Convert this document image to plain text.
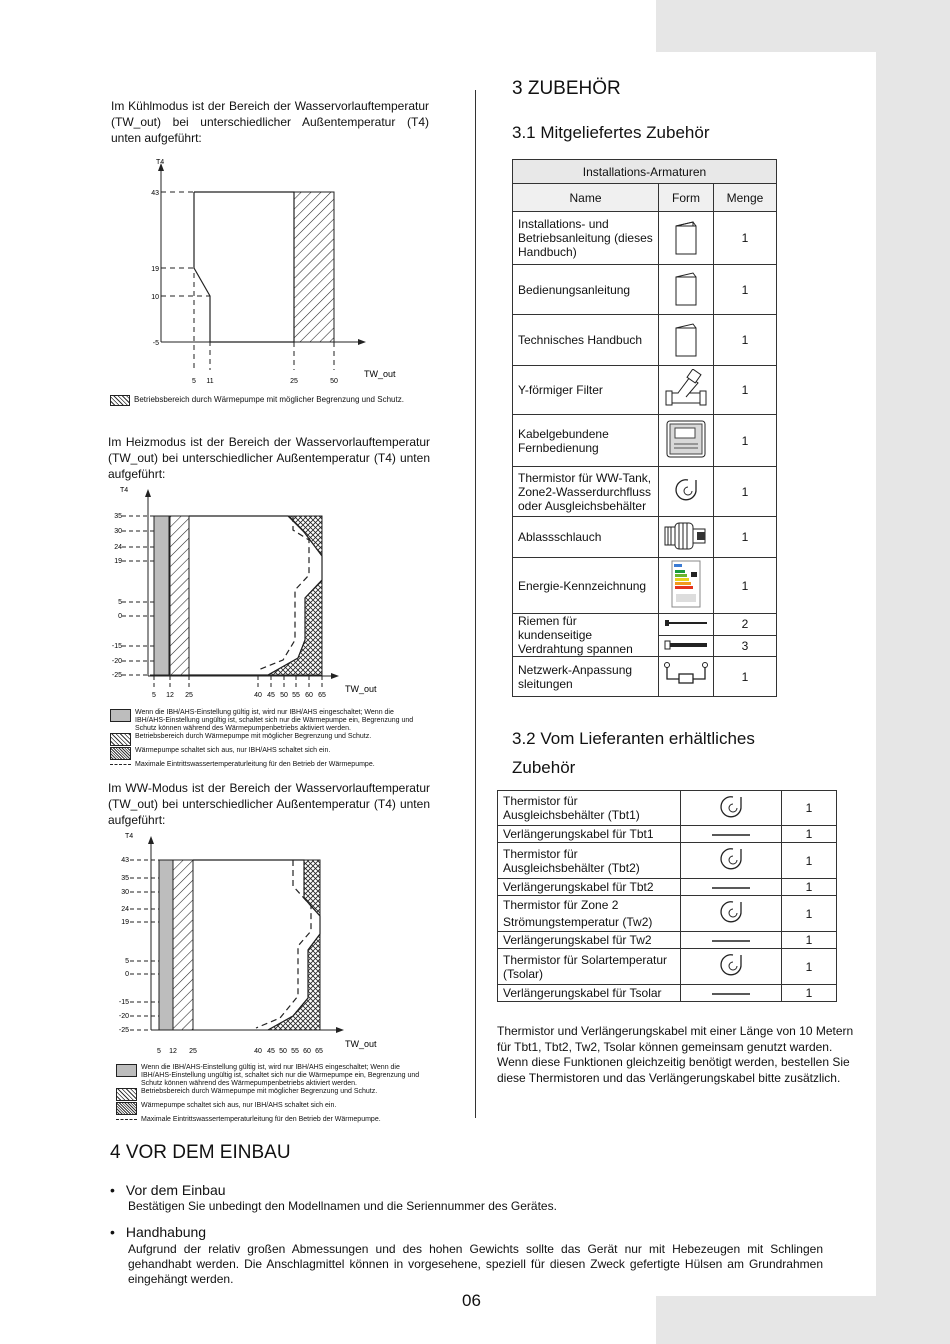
Im Kühlmodus ist der Bereich der Wasservorlauftemperatur (TW_out) bei unterschiedlicher Außentemperatur (T4) unten aufgeführt:
T4
TW_out
43
19
10
-5
5 11	25	50
Betriebsbereich durch Wärmepumpe mit möglicher Begrenzung und Schutz.
Im Heizmodus ist der Bereich der Wasservorlauftemperatur (TW_out) bei unterschiedlicher Außentemperatur (T4) unten aufgeführt:
T4
TW_out
35
30
24
19
5
0
-15
-20
-25
5 12 25	40 45 50 55 60 65
Wenn die IBH/AHS-Einstellung gültig ist, wird nur IBH/AHS eingeschaltet; Wenn die IBH/AHS-Einstellung ungültig ist, schaltet sich nur die Wärmepumpe ein, Begrenzung und Schutz können während des Wärmepumpenbetriebs aktiviert werden.
Betriebsbereich durch Wärmepumpe mit möglicher Begrenzung und Schutz.
Wärmepumpe schaltet sich aus, nur IBH/AHS schaltet sich ein.
Maximale Eintrittswassertemperaturleitung für den Betrieb der Wärmepumpe.
Im WW-Modus ist der Bereich der Wasservorlauftemperatur (TW_out) bei unterschiedlicher Außentemperatur (T4) unten aufgeführt:
T4
TW_out
43
35
30
24
19
5
0
-15
-20
-25
5 12 25	40 45 50 55 60 65
Wenn die IBH/AHS-Einstellung gültig ist, wird nur IBH/AHS eingeschaltet; Wenn die IBH/AHS-Einstellung ungültig ist, schaltet sich nur die Wärmepumpe ein, Begrenzung und Schutz können während des Wärmepumpenbetriebs aktiviert werden.
Betriebsbereich durch Wärmepumpe mit möglicher Begrenzung und Schutz.
Wärmepumpe schaltet sich aus, nur IBH/AHS schaltet sich ein.
Maximale Eintrittswassertemperaturleitung für den Betrieb der Wärmepumpe.
3 ZUBEHÖR
3.1 Mitgeliefertes Zubehör
Installations-Armaturen		
Name	Form	Menge
Installations- und Betriebsanleitung (dieses Handbuch)		1
Bedienungsanleitung		1
Technisches Handbuch		1
Y-förmiger Filter		1
Kabelgebundene Fernbedienung		1
Thermistor für WW-Tank, Zone2-Wasserdurchfluss oder Ausgleichsbehälter		1
Ablassschlauch		1
Energie-Kennzeichnung		1
Riemen für kundenseitige Verdrahtung spannen		2
	3
Netzwerk-Anpassung sleitungen		1
3.2 Vom Lieferanten erhältliches
Zubehör
Thermistor für Ausgleichsbehälter (Tbt1)		1
Verlängerungskabel für Tbt1		1
Thermistor für Ausgleichsbehälter (Tbt2)		1
Verlängerungskabel für Tbt2		1
Thermistor für Zone 2 Strömungstemperatur (Tw2)		1
Verlängerungskabel für Tw2		1
Thermistor für Solartemperatur (Tsolar)		1
Verlängerungskabel für Tsolar		1
Thermistor und Verlängerungskabel mit einer Länge von 10 Metern für Tbt1, Tbt2, Tw2, Tsolar können gemeinsam genutzt warden. Wenn diese Funktionen gleichzeitig benötigt werden, bestellen Sie diese Thermistoren und das Verlängerungskabel bitte zusätzlich.
4 VOR DEM EINBAU
• Vor dem Einbau
Bestätigen Sie unbedingt den Modellnamen und die Seriennummer des Gerätes.
• Handhabung
Aufgrund der relativ großen Abmessungen und des hohen Gewichts sollte das Gerät nur mit Hebezeugen mit Schlingen gehandhabt werden. Die Anschlagmittel können in vorgesehene, speziell für diesen Zweck gefertigte Hülsen am Grundrahmen eingehängt werden.
06
